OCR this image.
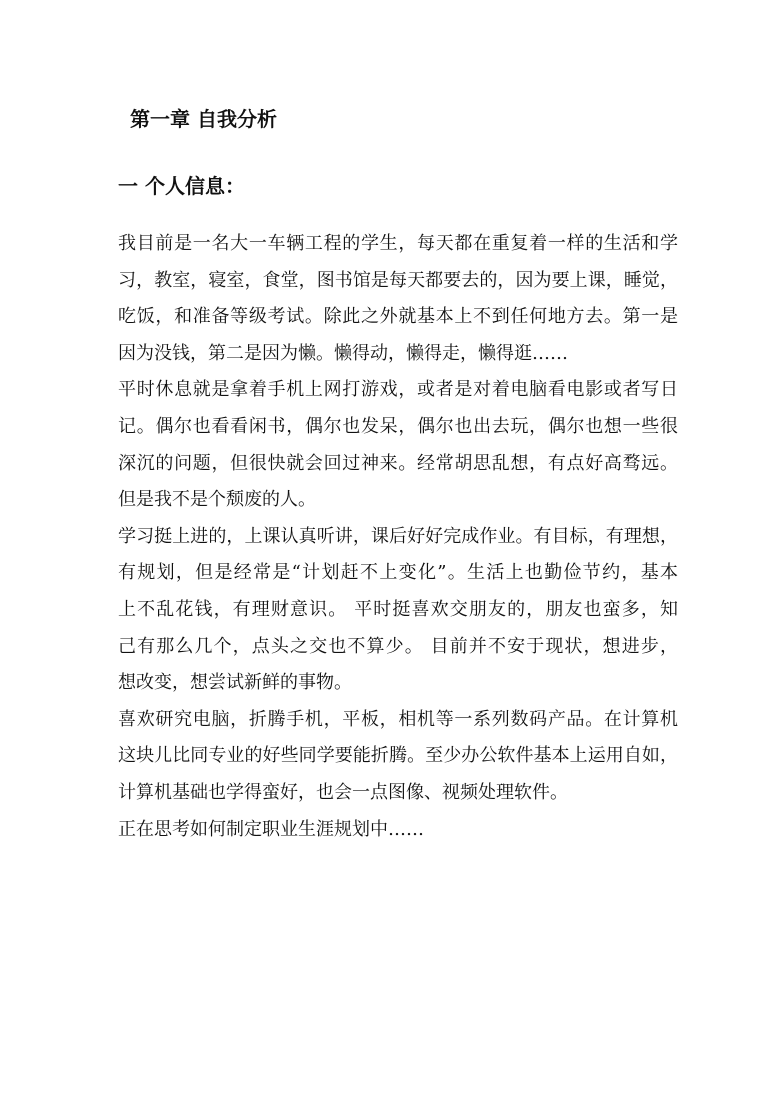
第一章 自我分析
一 个人信息：
我目前是一名大一车辆工程的学生，每天都在重复着一样的生活和学
习，教室，寝室，食堂，图书馆是每天都要去的，因为要上课，睡觉，
吃饭，和准备等级考试。除此之外就基本上不到任何地方去。第一是
因为没钱，第二是因为懒。懒得动，懒得走，懒得逛……
平时休息就是拿着手机上网打游戏，或者是对着电脑看电影或者写日
记。偶尔也看看闲书，偶尔也发呆，偶尔也出去玩，偶尔也想一些很
深沉的问题，但很快就会回过神来。经常胡思乱想，有点好高骛远。
但是我不是个颓废的人。
学习挺上进的，上课认真听讲，课后好好完成作业。有目标，有理想，
有规划，但是经常是“计划赶不上变化”。生活上也勤俭节约，基本
上不乱花钱，有理财意识。 平时挺喜欢交朋友的，朋友也蛮多，知
己有那么几个，点头之交也不算少。 目前并不安于现状，想进步，
想改变，想尝试新鲜的事物。
喜欢研究电脑，折腾手机，平板，相机等一系列数码产品。在计算机
这块儿比同专业的好些同学要能折腾。至少办公软件基本上运用自如，
计算机基础也学得蛮好，也会一点图像、视频处理软件。
正在思考如何制定职业生涯规划中……
